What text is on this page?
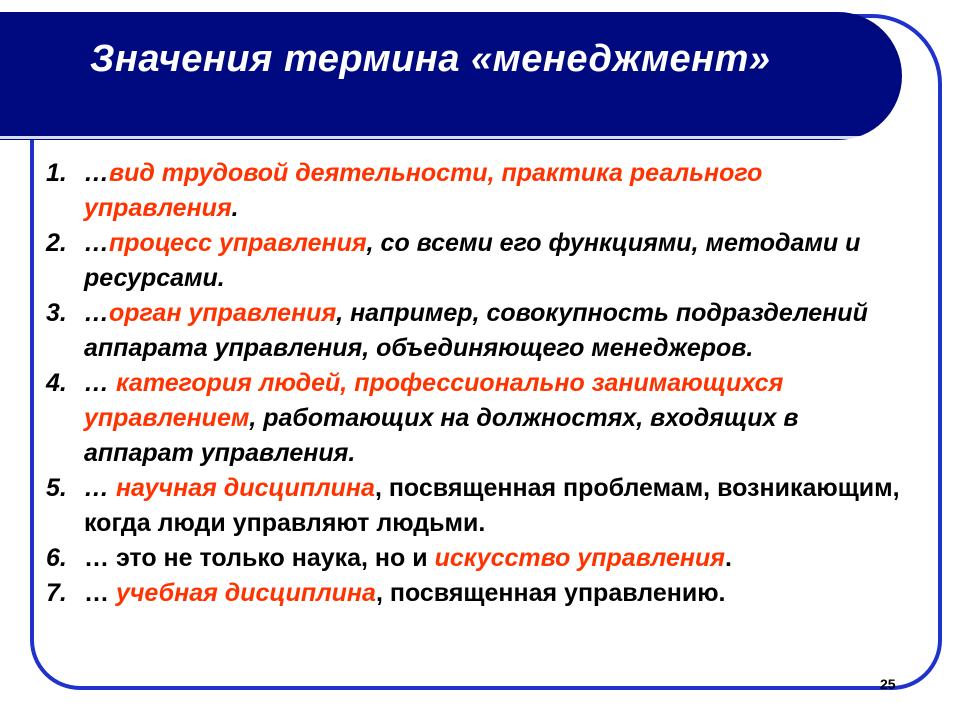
Значения термина «менеджмент»
1. …вид трудовой деятельности, практика реального управления.
2. …процесс управления, со всеми его функциями, методами и ресурсами.
3. …орган управления, например, совокупность подразделений аппарата управления, объединяющего менеджеров.
4. … категория людей, профессионально занимающихся управлением, работающих на должностях, входящих в аппарат управления.
5. … научная дисциплина, посвященная проблемам, возникающим, когда люди управляют людьми.
6. … это не только наука, но и искусство управления.
7. … учебная дисциплина, посвященная управлению.
25
